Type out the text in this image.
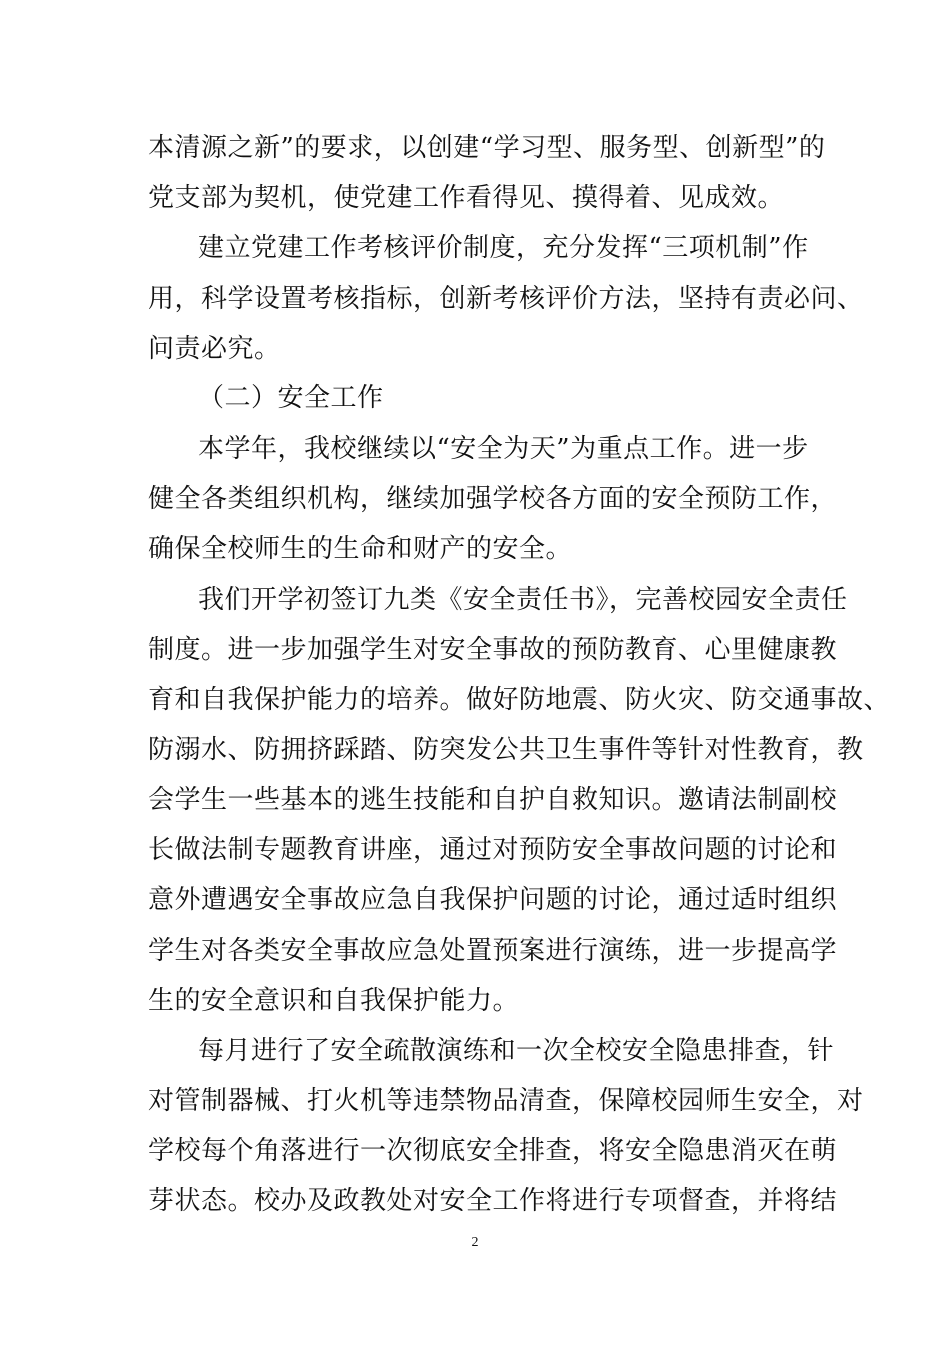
本清源之新”的要求，以创建“学习型、服务型、创新型”的
党支部为契机，使党建工作看得见、摸得着、见成效。
建立党建工作考核评价制度，充分发挥“三项机制”作
用，科学设置考核指标，创新考核评价方法，坚持有责必问、
问责必究。
（二）安全工作
本学年，我校继续以“安全为天”为重点工作。进一步
健全各类组织机构，继续加强学校各方面的安全预防工作，
确保全校师生的生命和财产的安全。
我们开学初签订九类《安全责任书》，完善校园安全责任
制度。进一步加强学生对安全事故的预防教育、心里健康教
育和自我保护能力的培养。做好防地震、防火灾、防交通事故、
防溺水、防拥挤踩踏、防突发公共卫生事件等针对性教育，教
会学生一些基本的逃生技能和自护自救知识。邀请法制副校
长做法制专题教育讲座，通过对预防安全事故问题的讨论和
意外遭遇安全事故应急自我保护问题的讨论，通过适时组织
学生对各类安全事故应急处置预案进行演练，进一步提高学
生的安全意识和自我保护能力。
每月进行了安全疏散演练和一次全校安全隐患排查，针
对管制器械、打火机等违禁物品清查，保障校园师生安全，对
学校每个角落进行一次彻底安全排查，将安全隐患消灭在萌
芽状态。校办及政教处对安全工作将进行专项督查，并将结
2
